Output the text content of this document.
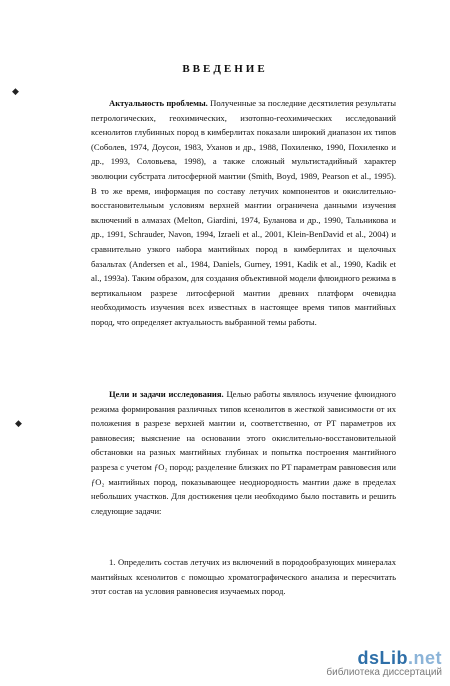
◆
◆
ВВЕДЕНИЕ

Актуальность проблемы. Полученные за последние десятилетия результаты петрологических, геохимических, изотопно-геохимических исследований ксенолитов глубинных пород в кимберлитах показали широкий диапазон их типов (Соболев, 1974, Доусон, 1983, Уханов и др., 1988, Похиленко, 1990, Похиленко и др., 1993, Соловьева, 1998), а также сложный мультистадийный характер эволюции субстрата литосферной мантии (Smith, Boyd, 1989, Pearson et al., 1995). В то же время, информация по составу летучих компонентов и окислительно-восстановительным условиям верхней мантии ограничена данными изучения включений в алмазах (Melton, Giardini, 1974, Буланова и др., 1990, Тальникова и др., 1991, Schrauder, Navon, 1994, Izraeli et al., 2001, Klein-BenDavid et al., 2004) и сравнительно узкого набора мантийных пород в кимберлитах и щелочных базальтах (Andersen et al., 1984, Daniels, Gurney, 1991, Kadik et al., 1990, Kadik et al., 1993а). Таким образом, для создания объективной модели флюидного режима в вертикальном разрезе литосферной мантии древних платформ очевидна необходимость изучения всех известных в настоящее время типов мантийных пород, что определяет актуальность выбранной темы работы.

Цели и задачи исследования. Целью работы являлось изучение флюидного режима формирования различных типов ксенолитов в жесткой зависимости от их положения в разрезе верхней мантии и, соответственно, от PT параметров их равновесия; выяснение на основании этого окислительно-восстановительной обстановки на разных мантийных глубинах и попытка построения мантийного разреза с учетом ƒO₂ пород; разделение близких по PT параметрам равновесия или ƒO₂ мантийных пород, показывающее неоднородность мантии даже в пределах небольших участков. Для достижения цели необходимо было поставить и решить следующие задачи:

1. Определить состав летучих из включений в породообразующих минералах мантийных ксенолитов с помощью хроматографического анализа и пересчитать этот состав на условия равновесия изучаемых пород.

dsLib.net
библиотека диссертаций
